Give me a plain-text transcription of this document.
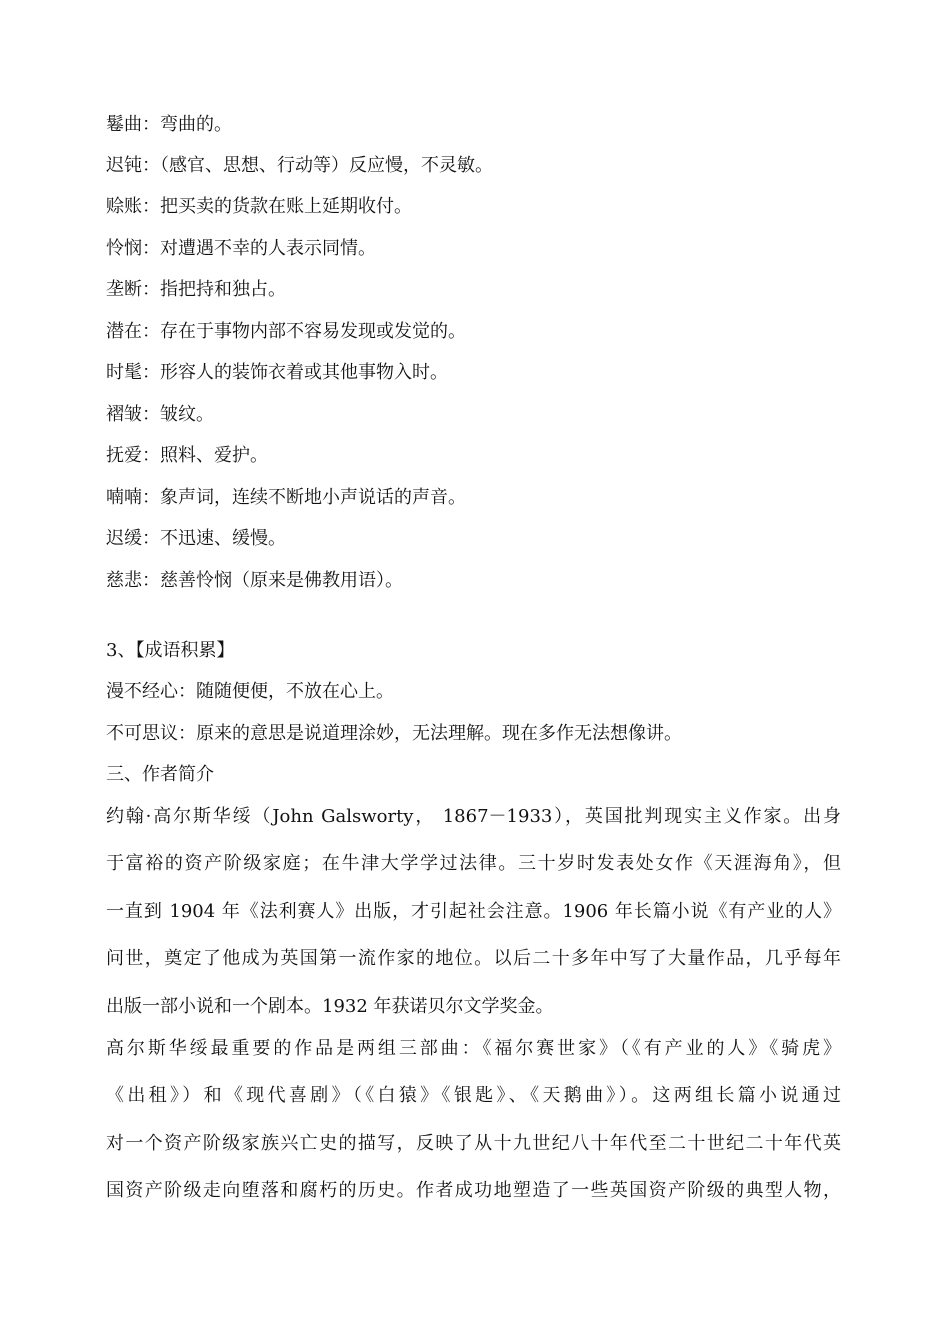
鬈曲：弯曲的。
迟钝：（感官、思想、行动等）反应慢，不灵敏。
赊账：把买卖的货款在账上延期收付。
怜悯：对遭遇不幸的人表示同情。
垄断：指把持和独占。
潜在：存在于事物内部不容易发现或发觉的。
时髦：形容人的装饰衣着或其他事物入时。
褶皱：皱纹。
抚爱：照料、爱护。
喃喃：象声词，连续不断地小声说话的声音。
迟缓：不迅速、缓慢。
慈悲：慈善怜悯（原来是佛教用语）。
3、【成语积累】
漫不经心：随随便便，不放在心上。
不可思议：原来的意思是说道理涂妙，无法理解。现在多作无法想像讲。
三、作者简介
约翰·高尔斯华绥（John Galsworty， 1867－1933），英国批判现实主义作家。出身
于富裕的资产阶级家庭；在牛津大学学过法律。三十岁时发表处女作《天涯海角》，但
一直到 1904 年《法利赛人》出版，才引起社会注意。1906 年长篇小说《有产业的人》
问世，奠定了他成为英国第一流作家的地位。以后二十多年中写了大量作品，几乎每年
出版一部小说和一个剧本。1932 年获诺贝尔文学奖金。
高尔斯华绥最重要的作品是两组三部曲：《福尔赛世家》（《有产业的人》《骑虎》
《出租》）和《现代喜剧》（《白猿》《银匙》、《天鹅曲》）。这两组长篇小说通过
对一个资产阶级家族兴亡史的描写，反映了从十九世纪八十年代至二十世纪二十年代英
国资产阶级走向堕落和腐朽的历史。作者成功地塑造了一些英国资产阶级的典型人物，
